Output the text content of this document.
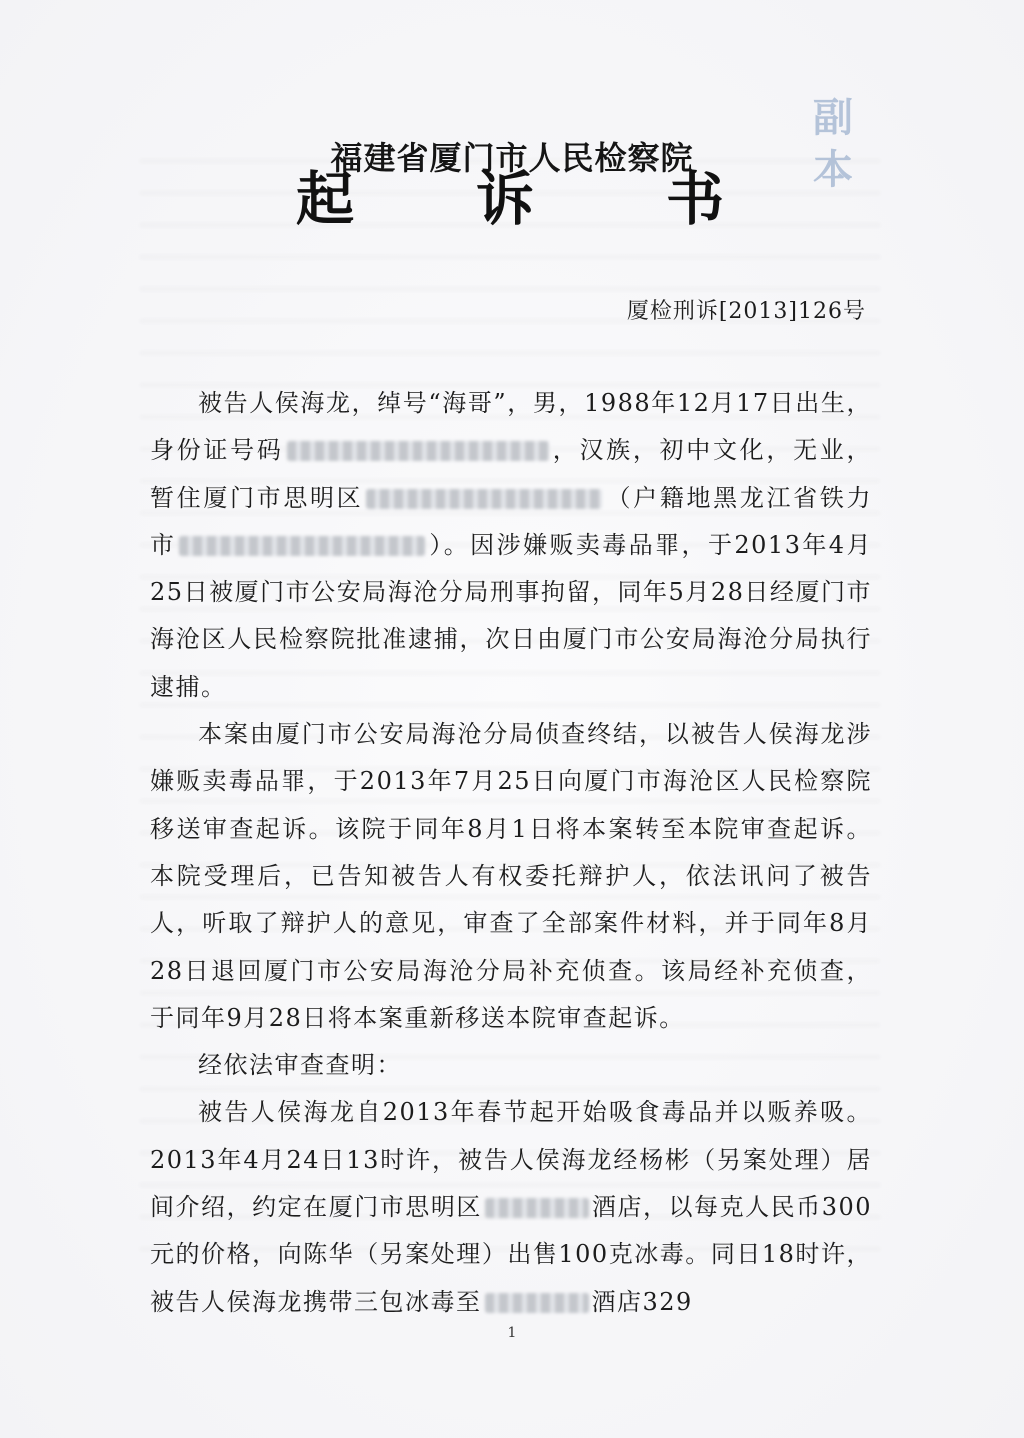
副
本
福建省厦门市人民检察院
起 诉 书
厦检刑诉[2013]126号

被告人侯海龙，绰号“海哥”，男，1988年12月17日出生，身份证号码	，汉族，初中文化，无业，暂住厦门市思明区	（户籍地黑龙江省铁力市	）。因涉嫌贩卖毒品罪，于2013年4月25日被厦门市公安局海沧分局刑事拘留，同年5月28日经厦门市海沧区人民检察院批准逮捕，次日由厦门市公安局海沧分局执行逮捕。

本案由厦门市公安局海沧分局侦查终结，以被告人侯海龙涉嫌贩卖毒品罪，于2013年7月25日向厦门市海沧区人民检察院移送审查起诉。该院于同年8月1日将本案转至本院审查起诉。本院受理后，已告知被告人有权委托辩护人，依法讯问了被告人，听取了辩护人的意见，审查了全部案件材料，并于同年8月28日退回厦门市公安局海沧分局补充侦查。该局经补充侦查，于同年9月28日将本案重新移送本院审查起诉。

经依法审查查明：

被告人侯海龙自2013年春节起开始吸食毒品并以贩养吸。2013年4月24日13时许，被告人侯海龙经杨彬（另案处理）居间介绍，约定在厦门市思明区	酒店，以每克人民币300元的价格，向陈华（另案处理）出售100克冰毒。同日18时许，被告人侯海龙携带三包冰毒至	酒店329

1
